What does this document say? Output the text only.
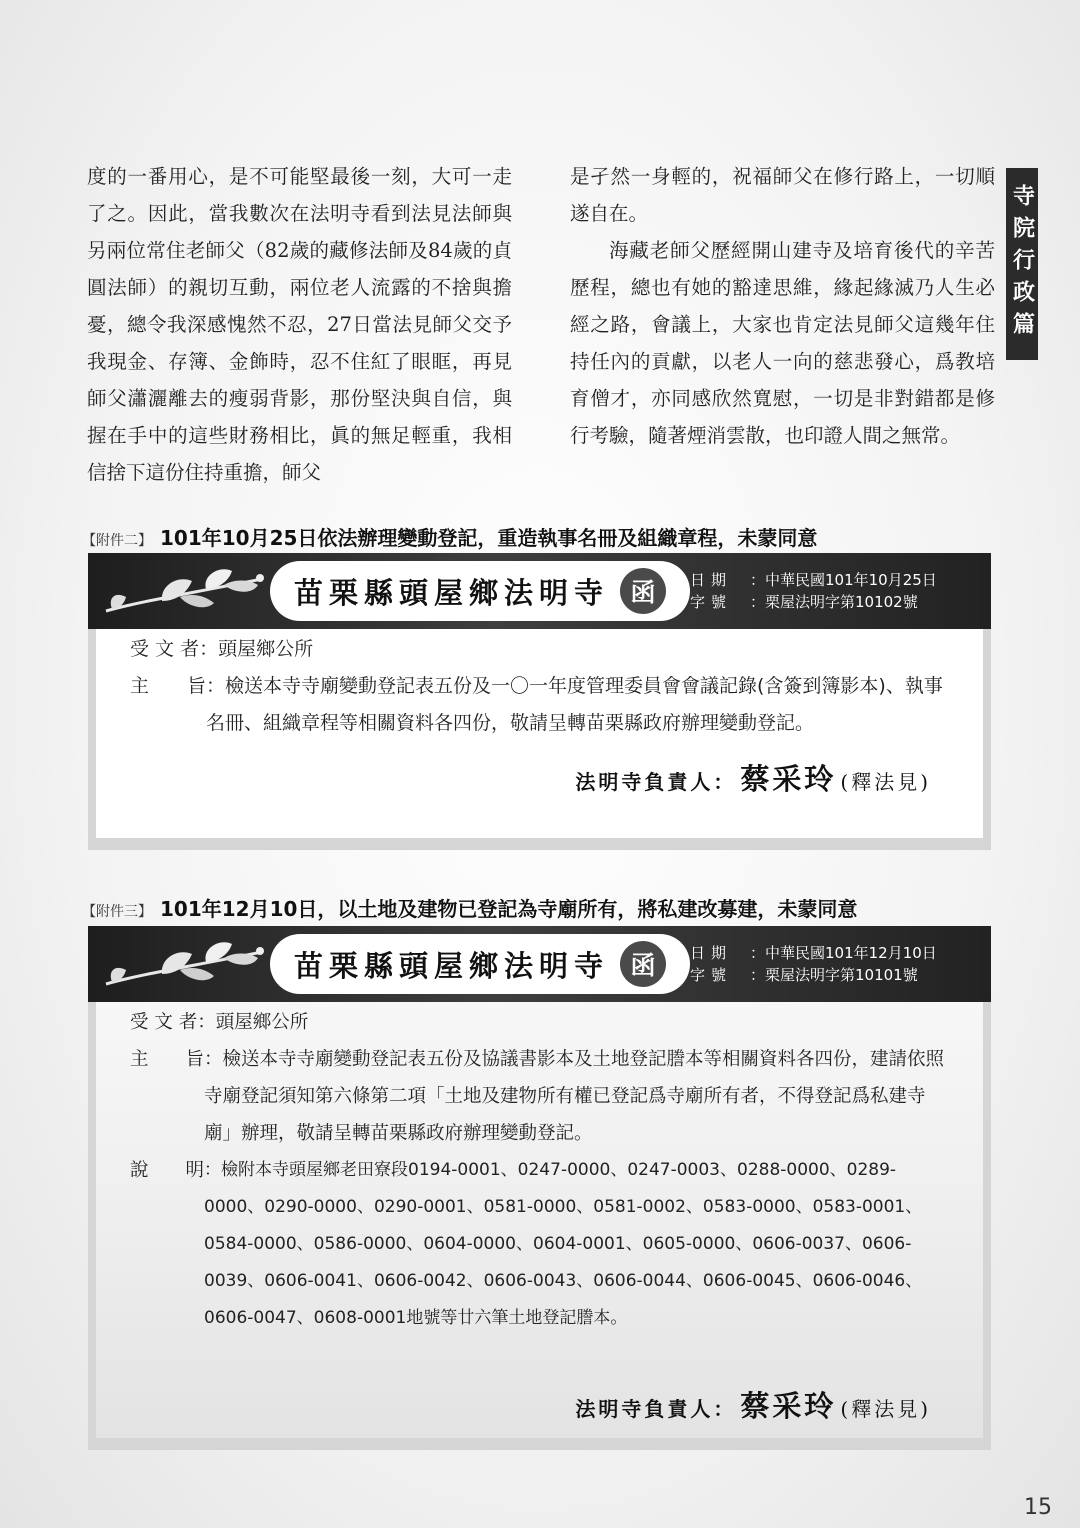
寺院行政篇

度的一番用心，是不可能堅最後一刻，大可一走了之。因此，當我數次在法明寺看到法見法師與另兩位常住老師父（82歲的藏修法師及84歲的貞圓法師）的親切互動，兩位老人流露的不捨與擔憂，總令我深感愧然不忍，27日當法見師父交予我現金、存簿、金飾時，忍不住紅了眼眶，再見師父瀟灑離去的瘦弱背影，那份堅決與自信，與握在手中的這些財務相比，眞的無足輕重，我相信捨下這份住持重擔，師父

是孑然一身輕的，祝福師父在修行路上，一切順遂自在。

海藏老師父歷經開山建寺及培育後代的辛苦歷程，總也有她的豁達思維，緣起緣滅乃人生必經之路，會議上，大家也肯定法見師父這幾年住持任內的貢獻，以老人一向的慈悲發心，爲教培育僧才，亦同感欣然寬慰，一切是非對錯都是修行考驗，隨著煙消雲散，也印證人間之無常。

【附件二】 101年10月25日依法辦理變動登記，重造執事名冊及組織章程，未蒙同意
苗栗縣頭屋鄉法明寺 函	日期 ：中華民國101年10月25日
字號 ：栗屋法明字第10102號
受 文 者 ：頭屋鄉公所
主　　旨 ：檢送本寺寺廟變動登記表五份及一〇一年度管理委員會會議記錄(含簽到簿影本)、執事名冊、組織章程等相關資料各四份，敬請呈轉苗栗縣政府辦理變動登記。
法明寺負責人： 蔡采玲 (釋法見)
【附件三】 101年12月10日，以土地及建物已登記為寺廟所有，將私建改募建，未蒙同意
苗栗縣頭屋鄉法明寺 函	日期 ：中華民國101年12月10日
字號 ：栗屋法明字第10101號
受 文 者 ：頭屋鄉公所
主　　旨 ：檢送本寺寺廟變動登記表五份及協議書影本及土地登記謄本等相關資料各四份，建請依照寺廟登記須知第六條第二項「土地及建物所有權已登記爲寺廟所有者，不得登記爲私建寺廟」辦理，敬請呈轉苗栗縣政府辦理變動登記。
說　　明 ：檢附本寺頭屋鄉老田寮段0194-0001、0247-0000、0247-0003、0288-0000、0289-0000、0290-0000、0290-0001、0581-0000、0581-0002、0583-0000、0583-0001、0584-0000、0586-0000、0604-0000、0604-0001、0605-0000、0606-0037、0606-0039、0606-0041、0606-0042、0606-0043、0606-0044、0606-0045、0606-0046、0606-0047、0608-0001地號等廿六筆土地登記謄本。
法明寺負責人： 蔡采玲 (釋法見)
15
